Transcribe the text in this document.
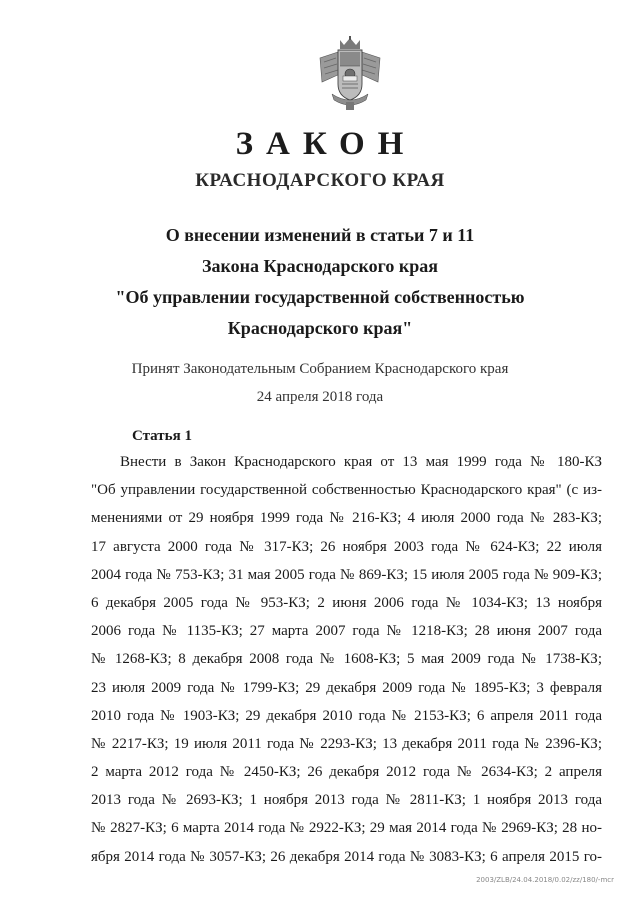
ЗАКОН
КРАСНОДАРСКОГО КРАЯ
О внесении изменений в статьи 7 и 11
Закона Краснодарского края
"Об управлении государственной собственностью
Краснодарского края"
Принят Законодательным Собранием Краснодарского края
24 апреля 2018 года
Статья 1
Внести в Закон Краснодарского края от 13 мая 1999 года № 180-КЗ
"Об управлении государственной собственностью Краснодарского края" (с из-
менениями от 29 ноября 1999 года № 216-КЗ; 4 июля 2000 года № 283-КЗ;
17 августа 2000 года № 317-КЗ; 26 ноября 2003 года № 624-КЗ; 22 июля
2004 года № 753-КЗ; 31 мая 2005 года № 869-КЗ; 15 июля 2005 года № 909-КЗ;
6 декабря 2005 года № 953-КЗ; 2 июня 2006 года № 1034-КЗ; 13 ноября
2006 года № 1135-КЗ; 27 марта 2007 года № 1218-КЗ; 28 июня 2007 года
№ 1268-КЗ; 8 декабря 2008 года № 1608-КЗ; 5 мая 2009 года № 1738-КЗ;
23 июля 2009 года № 1799-КЗ; 29 декабря 2009 года № 1895-КЗ; 3 февраля
2010 года № 1903-КЗ; 29 декабря 2010 года № 2153-КЗ; 6 апреля 2011 года
№ 2217-КЗ; 19 июля 2011 года № 2293-КЗ; 13 декабря 2011 года № 2396-КЗ;
2 марта 2012 года № 2450-КЗ; 26 декабря 2012 года № 2634-КЗ; 2 апреля
2013 года № 2693-КЗ; 1 ноября 2013 года № 2811-КЗ; 1 ноября 2013 года
№ 2827-КЗ; 6 марта 2014 года № 2922-КЗ; 29 мая 2014 года № 2969-КЗ; 28 но-
ября 2014 года № 3057-КЗ; 26 декабря 2014 года № 3083-КЗ; 6 апреля 2015 го-
2003/ZLB/24.04.2018/0.02/zz/180/-mcr
